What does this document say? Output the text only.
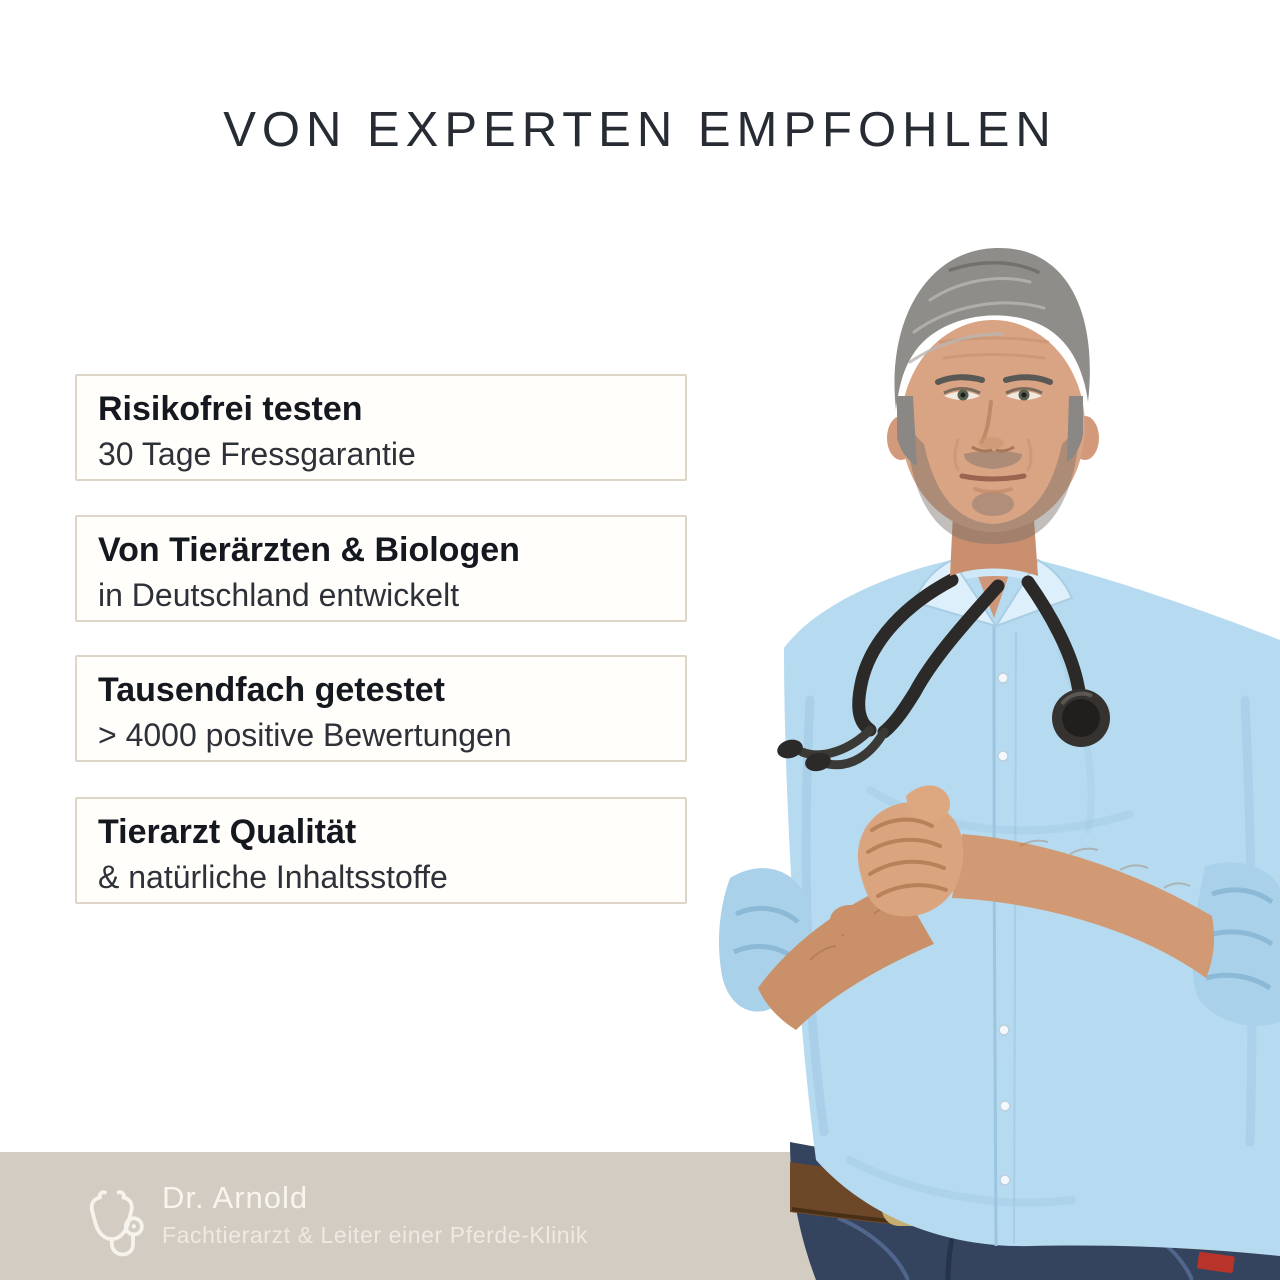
VON EXPERTEN EMPFOHLEN

Risikofrei testen

30 Tage Fressgarantie

Von Tierärzten & Biologen

in Deutschland entwickelt

Tausendfach getestet

> 4000 positive Bewertungen

Tierarzt Qualität

& natürliche Inhaltsstoffe

Dr. Arnold
Fachtierarzt & Leiter einer Pferde-Klinik
